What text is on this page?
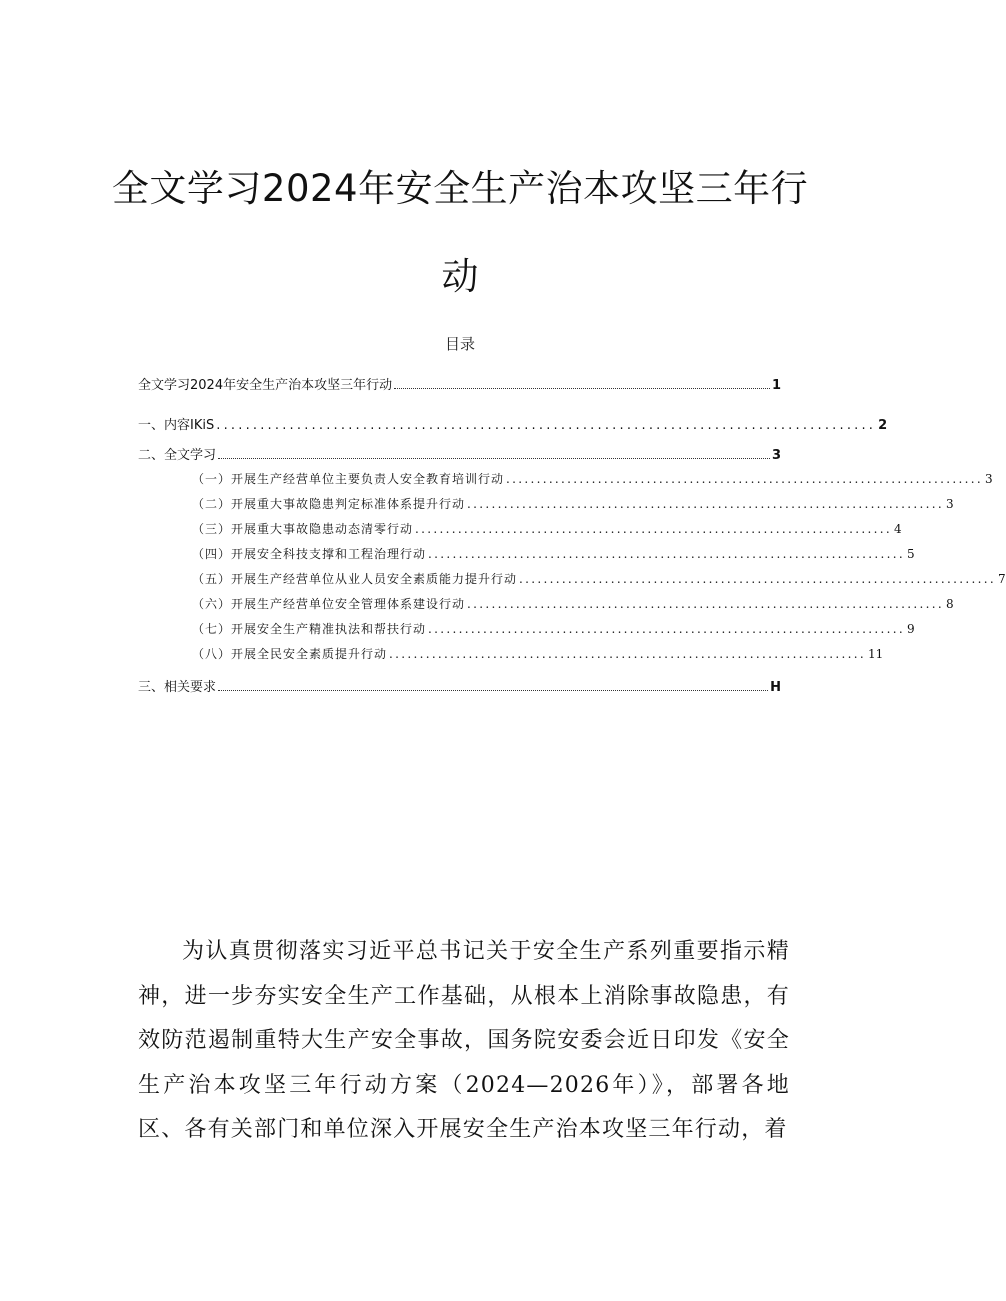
全文学习2024年安全生产治本攻坚三年行
动
目录
全文学习2024年安全生产治本攻坚三年行动	1
一、内容IKiS .......................................................................................... 2
二、全文学习	3
（一）开展生产经营单位主要负责人安全教育培训行动 .............................................................................. 3
（二）开展重大事故隐患判定标准体系提升行动 .............................................................................. 3
（三）开展重大事故隐患动态清零行动 .............................................................................. 4
（四）开展安全科技支撑和工程治理行动 .............................................................................. 5
（五）开展生产经营单位从业人员安全素质能力提升行动 .............................................................................. 7
（六）开展生产经营单位安全管理体系建设行动 .............................................................................. 8
（七）开展安全生产精准执法和帮扶行动 .............................................................................. 9
（八）开展全民安全素质提升行动 .............................................................................. 11
三、相关要求	H

为认真贯彻落实习近平总书记关于安全生产系列重要指示精神，进一步夯实安全生产工作基础，从根本上消除事故隐患，有效防范遏制重特大生产安全事故，国务院安委会近日印发《安全生产治本攻坚三年行动方案（2024—2026年）》，部署各地区、各有关部门和单位深入开展安全生产治本攻坚三年行动，着
